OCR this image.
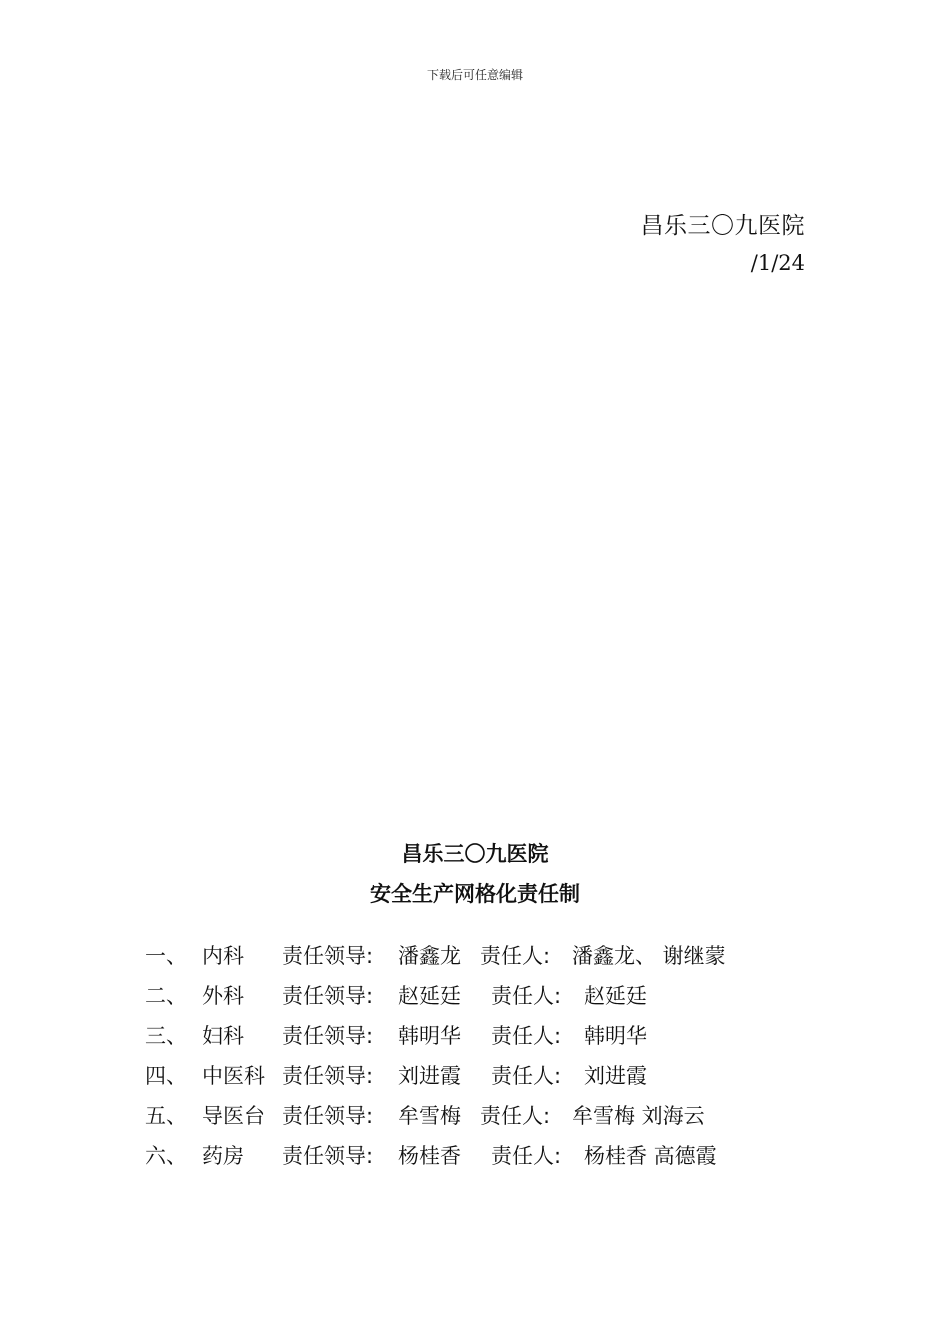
下载后可任意编辑
昌乐三〇九医院
/1/24
昌乐三〇九医院
安全生产网格化责任制
一、 内科 责任领导: 潘鑫龙 责任人: 潘鑫龙、 谢继蒙
二、 外科 责任领导: 赵延廷 责任人: 赵延廷
三、 妇科 责任领导: 韩明华 责任人: 韩明华
四、 中医科 责任领导: 刘进霞 责任人: 刘进霞
五、 导医台 责任领导: 牟雪梅 责任人: 牟雪梅 刘海云
六、 药房 责任领导: 杨桂香 责任人: 杨桂香 高德霞
